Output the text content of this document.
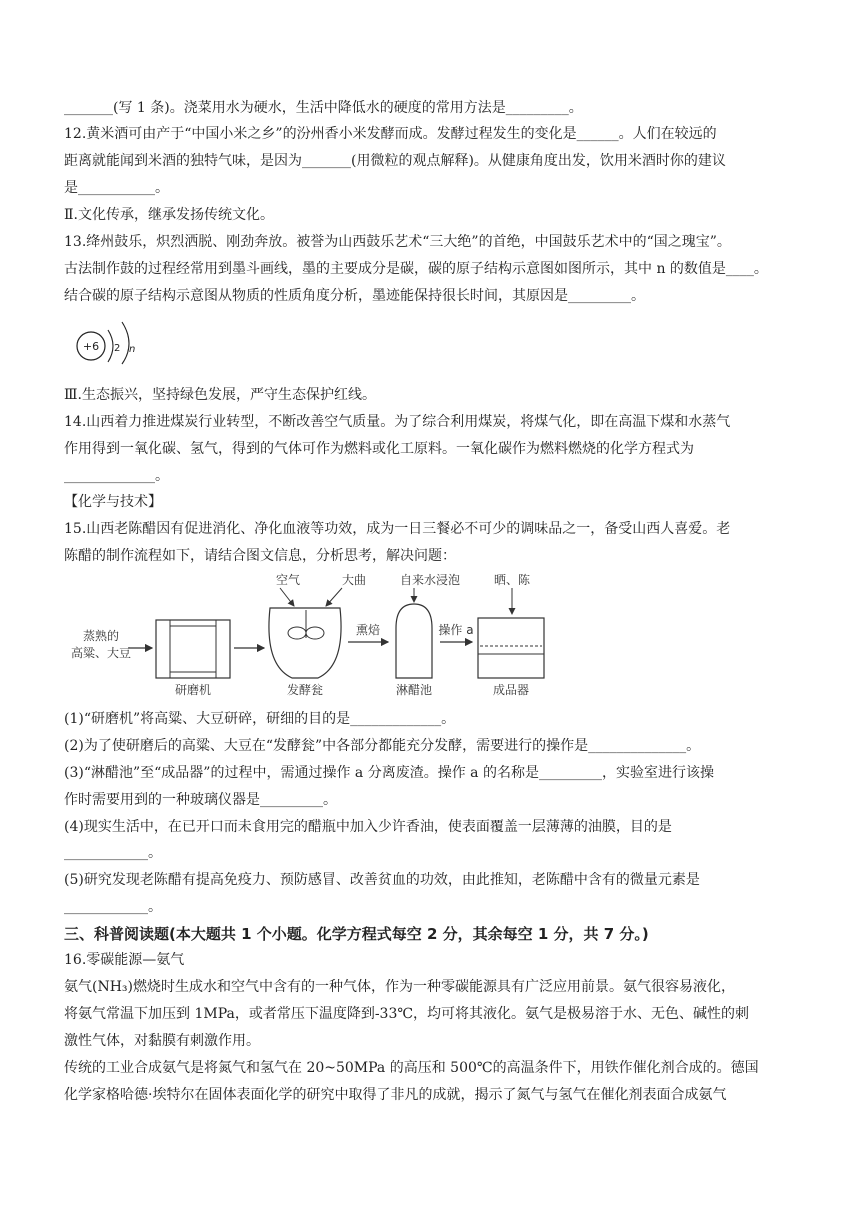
_______(写 1 条)。浇菜用水为硬水，生活中降低水的硬度的常用方法是_________。
12.黄米酒可由产于“中国小米之乡”的汾州香小米发酵而成。发酵过程发生的变化是______。人们在较远的
距离就能闻到米酒的独特气味，是因为_______(用微粒的观点解释)。从健康角度出发，饮用米酒时你的建议
是___________。
Ⅱ.文化传承，继承发扬传统文化。
13.绛州鼓乐，炽烈洒脱、刚劲奔放。被誉为山西鼓乐艺术“三大绝”的首绝，中国鼓乐艺术中的“国之瑰宝”。
古法制作鼓的过程经常用到墨斗画线，墨的主要成分是碳，碳的原子结构示意图如图所示，其中 n 的数值是____。
结合碳的原子结构示意图从物质的性质角度分析，墨迹能保持很长时间，其原因是_________。
+6 2 n
Ⅲ.生态振兴，坚持绿色发展，严守生态保护红线。
14.山西着力推进煤炭行业转型，不断改善空气质量。为了综合利用煤炭，将煤气化，即在高温下煤和水蒸气
作用得到一氧化碳、氢气，得到的气体可作为燃料或化工原料。一氧化碳作为燃料燃烧的化学方程式为
_____________。
【化学与技术】
15.山西老陈醋因有促进消化、净化血液等功效，成为一日三餐必不可少的调味品之一，备受山西人喜爱。老
陈醋的制作流程如下，请结合图文信息，分析思考，解决问题：
蒸熟的
高粱、大豆
空气	大曲
熏焙
自来水浸泡
操作 a
晒、陈
研磨机	发酵瓮	淋醋池	成品器
(1)“研磨机”将高粱、大豆研碎，研细的目的是_____________。
(2)为了使研磨后的高粱、大豆在“发酵瓮”中各部分都能充分发酵，需要进行的操作是______________。
(3)“淋醋池”至“成品器”的过程中，需通过操作 a 分离废渣。操作 a 的名称是_________，实验室进行该操
作时需要用到的一种玻璃仪器是_________。
(4)现实生活中，在已开口而未食用完的醋瓶中加入少许香油，使表面覆盖一层薄薄的油膜，目的是
____________。
(5)研究发现老陈醋有提高免疫力、预防感冒、改善贫血的功效，由此推知，老陈醋中含有的微量元素是
____________。
三、科普阅读题(本大题共 1 个小题。化学方程式每空 2 分，其余每空 1 分，共 7 分。)
16.零碳能源—氨气
氨气(NH₃)燃烧时生成水和空气中含有的一种气体，作为一种零碳能源具有广泛应用前景。氨气很容易液化，
将氨气常温下加压到 1MPa，或者常压下温度降到-33℃，均可将其液化。氨气是极易溶于水、无色、碱性的刺
激性气体，对黏膜有刺激作用。
传统的工业合成氨气是将氮气和氢气在 20~50MPa 的高压和 500℃的高温条件下，用铁作催化剂合成的。德国
化学家格哈德·埃特尔在固体表面化学的研究中取得了非凡的成就，揭示了氮气与氢气在催化剂表面合成氨气
